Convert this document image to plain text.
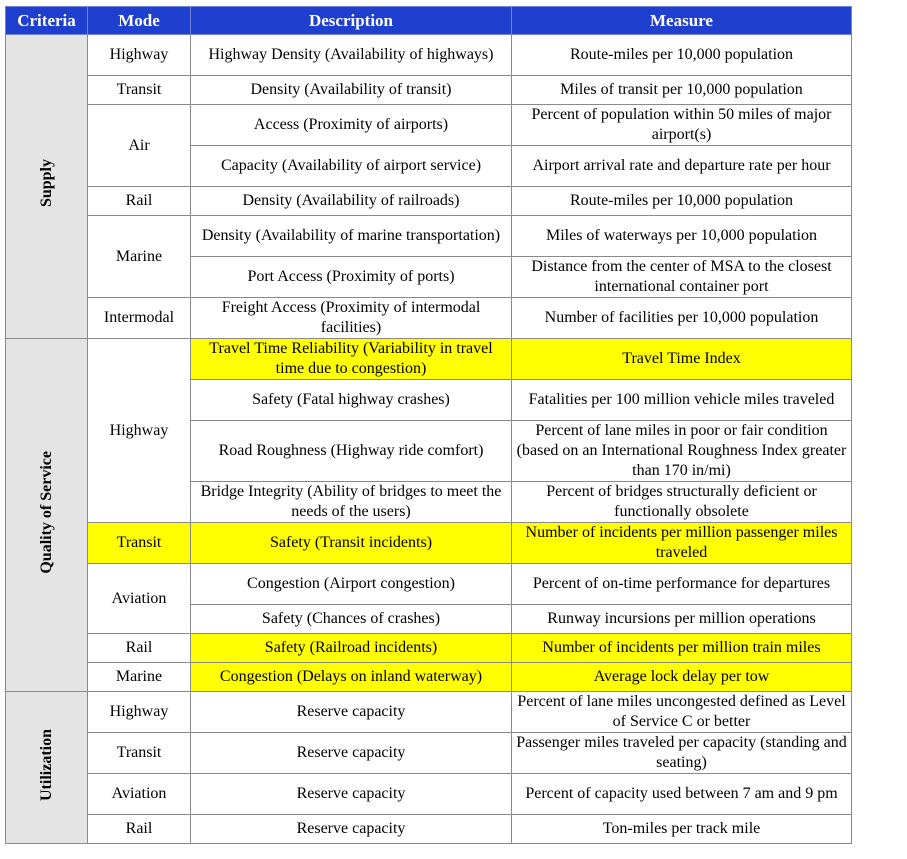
Criteria	Mode	Description	Measure
Supply	Highway	Highway Density (Availability of highways)	Route-miles per 10,000 population
	Transit	Density (Availability of transit)	Miles of transit per 10,000 population
	Air	Access (Proximity of airports)	Percent of population within 50 miles of major airport(s)
		Capacity (Availability of airport service)	Airport arrival rate and departure rate per hour
	Rail	Density (Availability of railroads)	Route-miles per 10,000 population
	Marine	Density (Availability of marine transportation)	Miles of waterways per 10,000 population
		Port Access (Proximity of ports)	Distance from the center of MSA to the closest international container port
	Intermodal	Freight Access (Proximity of intermodal facilities)	Number of facilities per 10,000 population
Quality of Service	Highway	Travel Time Reliability (Variability in travel time due to congestion)	Travel Time Index
		Safety (Fatal highway crashes)	Fatalities per 100 million vehicle miles traveled
		Road Roughness (Highway ride comfort)	Percent of lane miles in poor or fair condition (based on an International Roughness Index greater than 170 in/mi)
		Bridge Integrity (Ability of bridges to meet the needs of the users)	Percent of bridges structurally deficient or functionally obsolete
	Transit	Safety (Transit incidents)	Number of incidents per million passenger miles traveled
	Aviation	Congestion (Airport congestion)	Percent of on-time performance for departures
		Safety (Chances of crashes)	Runway incursions per million operations
	Rail	Safety (Railroad incidents)	Number of incidents per million train miles
	Marine	Congestion (Delays on inland waterway)	Average lock delay per tow
Utilization	Highway	Reserve capacity	Percent of lane miles uncongested defined as Level of Service C or better
	Transit	Reserve capacity	Passenger miles traveled per capacity (standing and seating)
	Aviation	Reserve capacity	Percent of capacity used between 7 am and 9 pm
	Rail	Reserve capacity	Ton-miles per track mile
